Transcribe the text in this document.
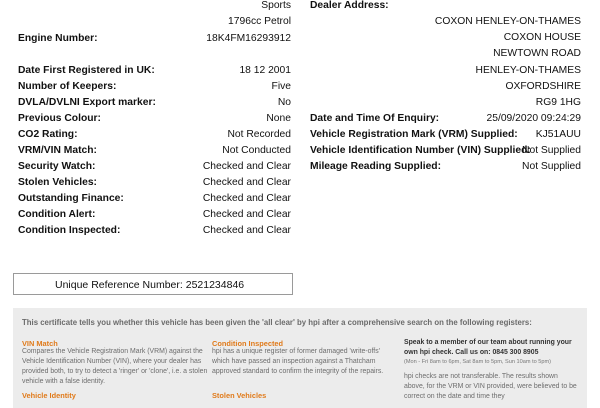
Sports
1796cc Petrol
Engine Number:	18K4FM16293912
Date First Registered in UK:	18 12 2001
Number of Keepers:	Five
DVLA/DVLNI Export marker:	No
Previous Colour:	None
CO2 Rating:	Not Recorded
VRM/VIN Match:	Not Conducted
Security Watch:	Checked and Clear
Stolen Vehicles:	Checked and Clear
Outstanding Finance:	Checked and Clear
Condition Alert:	Checked and Clear
Condition Inspected:	Checked and Clear
Dealer Address:
COXON HENLEY-ON-THAMES
COXON HOUSE
NEWTOWN ROAD
HENLEY-ON-THAMES
OXFORDSHIRE
RG9 1HG
Date and Time Of Enquiry:	25/09/2020 09:24:29
Vehicle Registration Mark (VRM) Supplied: KJ51AUU
Vehicle Identification Number (VIN) Supplied:
Not Supplied
Mileage Reading Supplied:	Not Supplied
Unique Reference Number: 2521234846
This certificate tells you whether this vehicle has been given the 'all clear' by hpi after a comprehensive search on the following registers:
VIN Match
Compares the Vehicle Registration Mark (VRM) against the Vehicle Identification Number (VIN), where your dealer has provided both, to try to detect a 'ringer' or 'clone', i.e. a stolen vehicle with a false identity.
Vehicle Identity
Condition Inspected
hpi has a unique register of former damaged 'write-offs' which have passed an inspection against a Thatcham approved standard to confirm the integrity of the repairs.
Stolen Vehicles
Speak to a member of our team about running your own hpi check. Call us on: 0845 300 8905
(Mon - Fri 8am to 6pm, Sat 8am to 5pm, Sun 10am to 5pm)
hpi checks are not transferable. The results shown above, for the VRM or VIN provided, were believed to be correct on the date and time they
